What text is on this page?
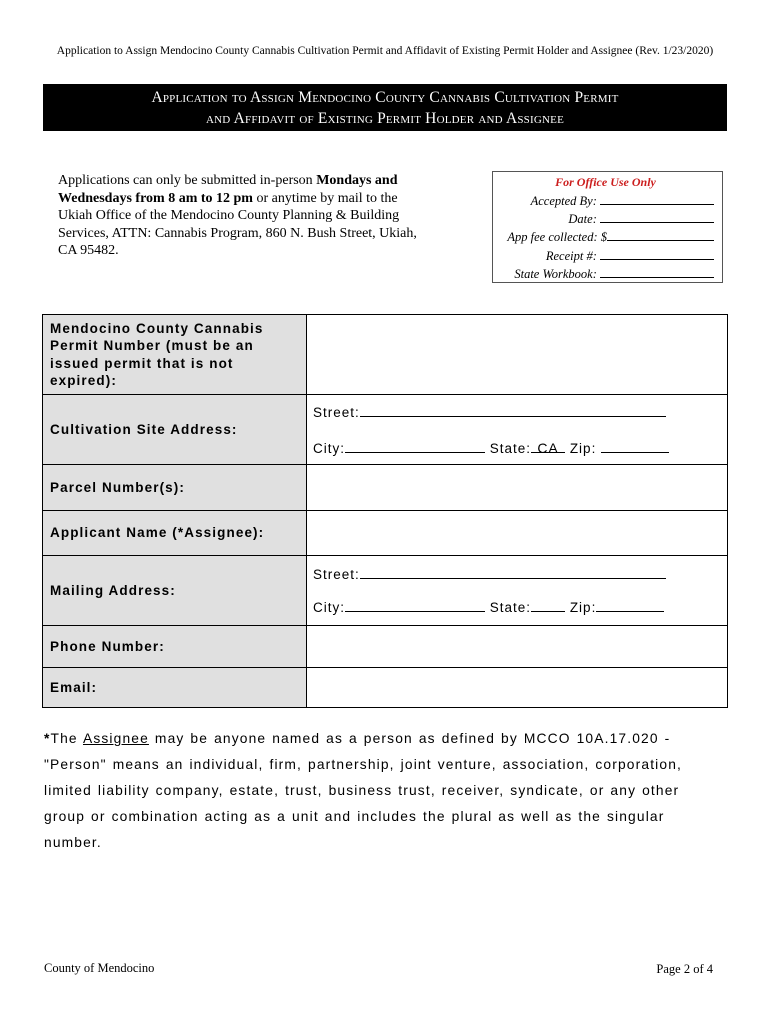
Application to Assign Mendocino County Cannabis Cultivation Permit and Affidavit of Existing Permit Holder and Assignee (Rev. 1/23/2020)
Application to Assign Mendocino County Cannabis Cultivation Permit
and Affidavit of Existing Permit Holder and Assignee
Applications can only be submitted in-person Mondays and Wednesdays from 8 am to 12 pm or anytime by mail to the Ukiah Office of the Mendocino County Planning & Building Services, ATTN: Cannabis Program, 860 N. Bush Street, Ukiah, CA 95482.
For Office Use Only
Accepted By:
Date:
App fee collected: $
Receipt #:
State Workbook:
Mendocino County Cannabis Permit Number (must be an issued permit that is not expired):	
Cultivation Site Address:	Street:
City: State: CA Zip:

Parcel Number(s):	
Applicant Name (*Assignee):	
Mailing Address:	Street:
City: State: Zip:

Phone Number:	
Email:	
*The Assignee may be anyone named as a person as defined by MCCO 10A.17.020 - "Person" means an individual, firm, partnership, joint venture, association, corporation, limited liability company, estate, trust, business trust, receiver, syndicate, or any other group or combination acting as a unit and includes the plural as well as the singular number.
County of Mendocino	Page 2 of 4
